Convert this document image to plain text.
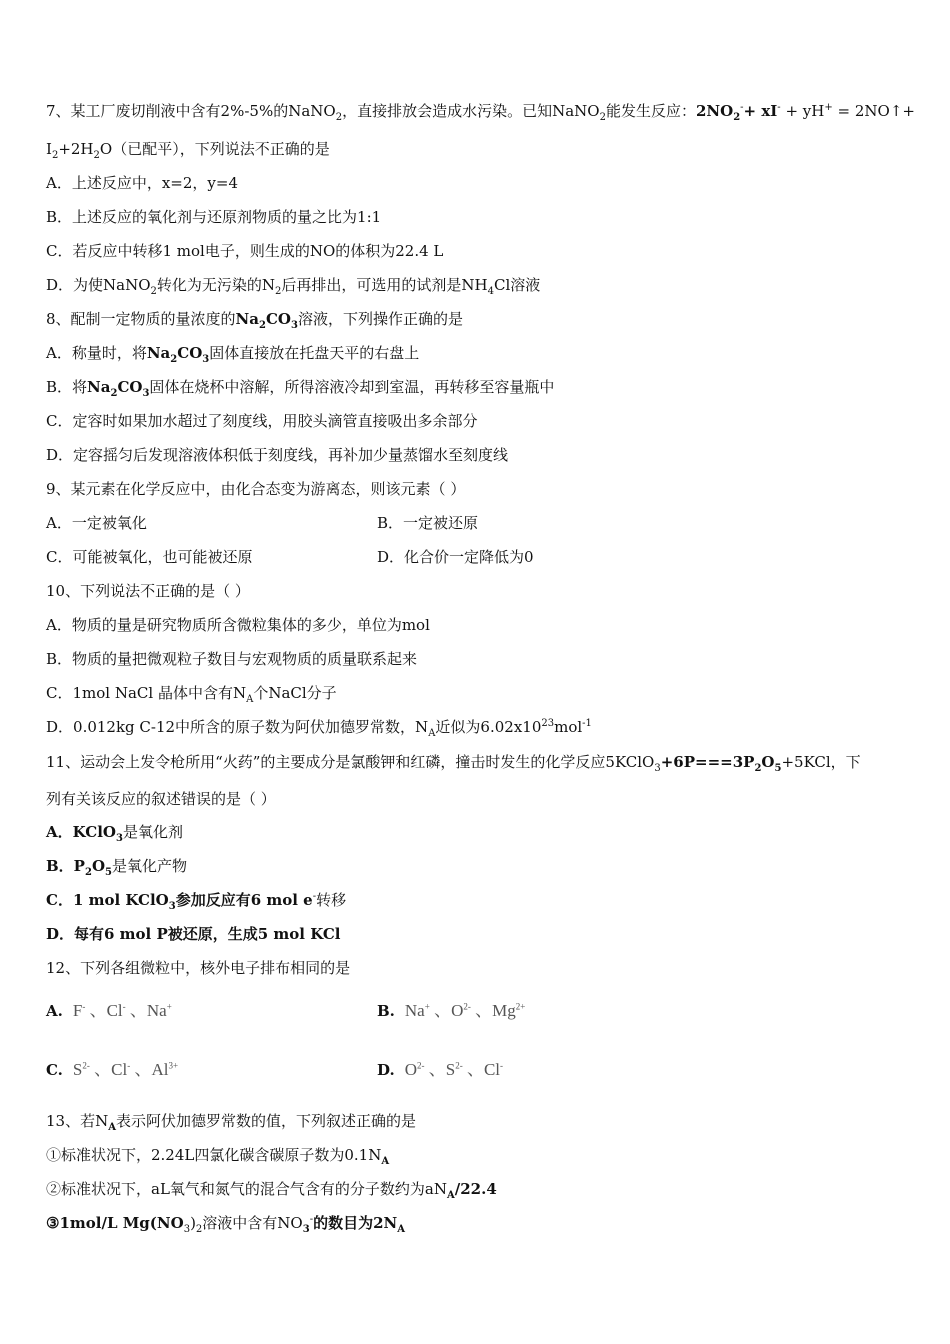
7、某工厂废切削液中含有2%-5%的NaNO$_2$，直接排放会造成水污染。已知NaNO$_2$能发生反应：$2NO_2^-+ xI^- + yH^+$ = 2NO↑+
$I_2+2H_2O$（已配平），下列说法不正确的是
A．上述反应中，x=2，y=4
B．上述反应的氧化剂与还原剂物质的量之比为1:1
C．若反应中转移1 mol电子，则生成的NO的体积为22.4 L
D．为使NaNO$_2$转化为无污染的$N_2$后再排出，可选用的试剂是$NH_4Cl$溶液
8、配制一定物质的量浓度的$Na_2CO_3$溶液，下列操作正确的是
A．称量时，将$Na_2CO_3$固体直接放在托盘天平的右盘上
B．将$Na_2CO_3$固体在烧杯中溶解，所得溶液冷却到室温，再转移至容量瓶中
C．定容时如果加水超过了刻度线，用胶头滴管直接吸出多余部分
D．定容摇匀后发现溶液体积低于刻度线，再补加少量蒸馏水至刻度线
9、某元素在化学反应中，由化合态变为游离态，则该元素（ ）
A．一定被氧化	B．一定被还原
C．可能被氧化，也可能被还原	D．化合价一定降低为0
10、下列说法不正确的是（ ）
A．物质的量是研究物质所含微粒集体的多少，单位为mol
B．物质的量把微观粒子数目与宏观物质的质量联系起来
C．1mol NaCl 晶体中含有$N_A$个NaCl分子
D．0.012kg C-12中所含的原子数为阿伏加德罗常数，$N_A$近似为$6.02x10^{23}mol^{-1}$
11、运动会上发令枪所用“火药”的主要成分是氯酸钾和红磷，撞击时发生的化学反应$5KClO_3+6P===3P_2O_5+5KCl$，下
列有关该反应的叙述错误的是（ ）
A．KClO$_3$是氧化剂
B．$P_2O_5$是氧化产物
C．1 mol KClO$_3$参加反应有6 mol e-转移
D．每有6 mol P被还原，生成5 mol KCl
12、下列各组微粒中，核外电子排布相同的是
A. F- 、Cl- 、Na+	B. Na+ 、$O^{2-}$ 、$Mg^{2+}$
C. $S^{2-}$ 、Cl- 、$Al^{3+}$	D. $O^{2-}$ 、$S^{2-}$ 、Cl-
13、若$N_A$表示阿伏加德罗常数的值，下列叙述正确的是
①标准状况下，2.24L四氯化碳含碳原子数为$0.1N_A$
②标准状况下，aL氧气和氮气的混合气含有的分子数约为$aN_A/22.4$
③1mol/L $Mg(NO_3)_2$溶液中含有$NO_3^-$的数目为$2N_A$
